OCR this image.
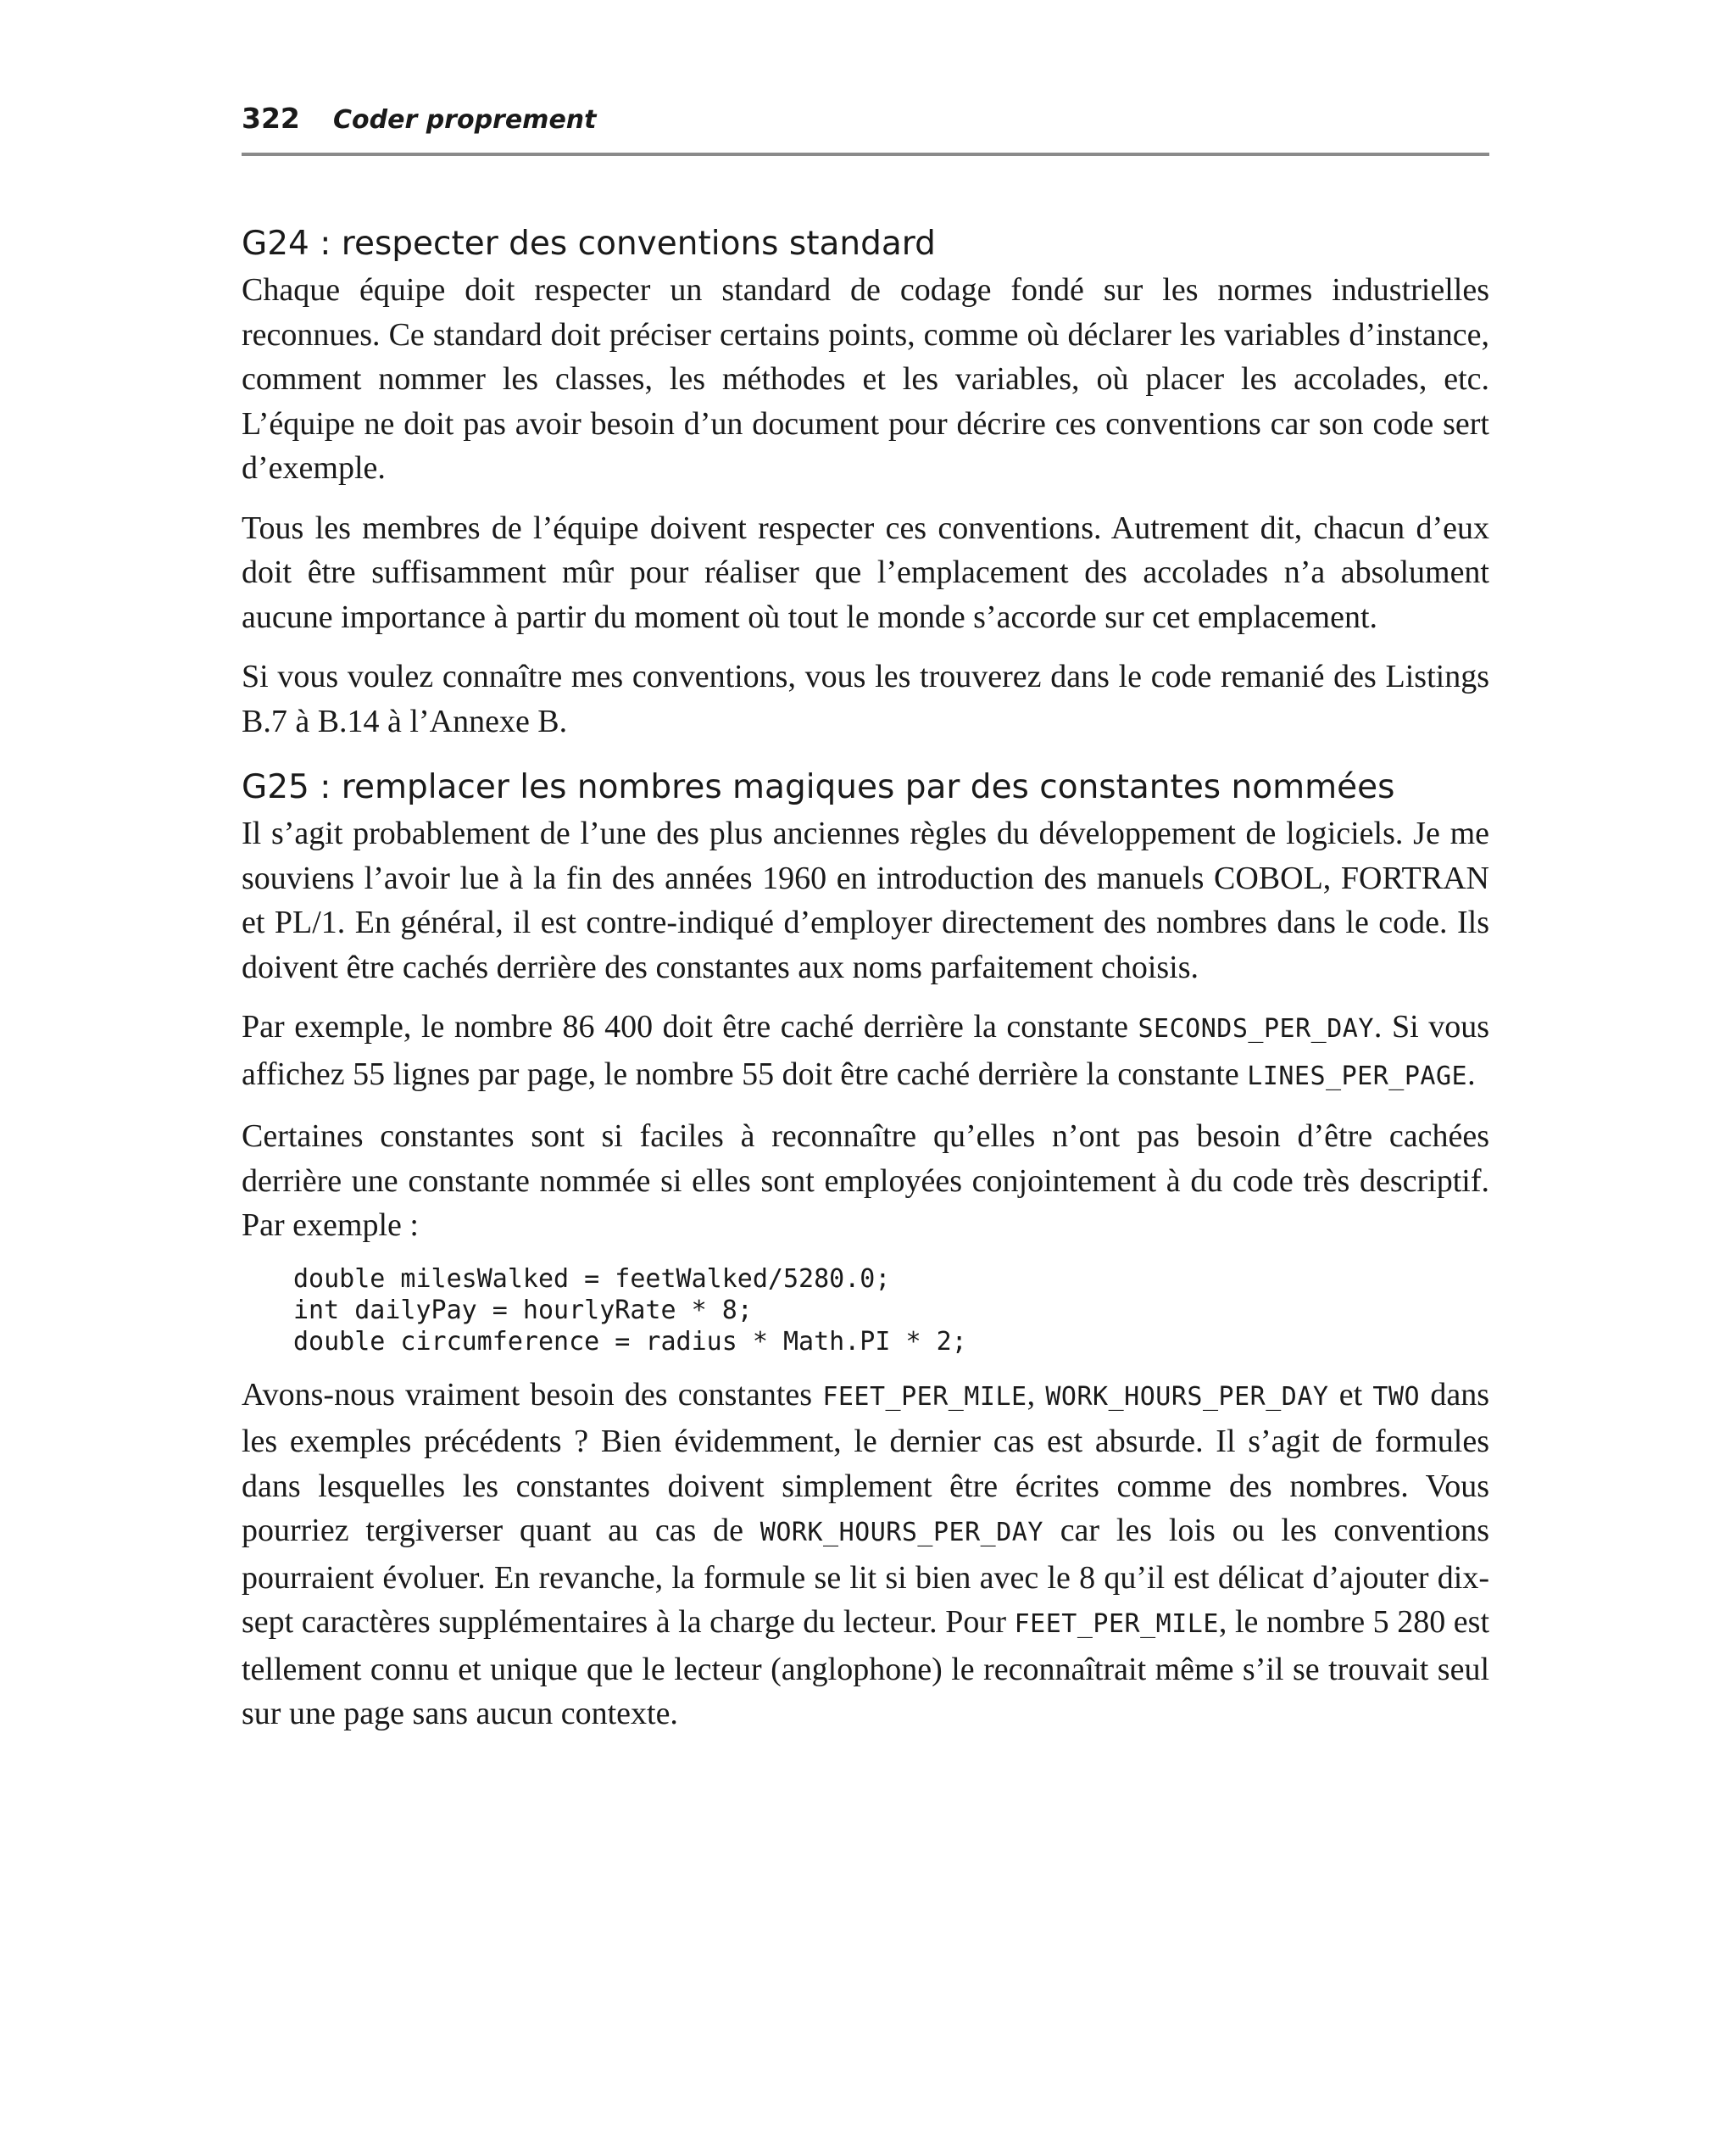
322 Coder proprement
G24 : respecter des conventions standard

Chaque équipe doit respecter un standard de codage fondé sur les normes industrielles reconnues. Ce standard doit préciser certains points, comme où déclarer les variables d’instance, comment nommer les classes, les méthodes et les variables, où placer les accolades, etc. L’équipe ne doit pas avoir besoin d’un document pour décrire ces conventions car son code sert d’exemple.

Tous les membres de l’équipe doivent respecter ces conventions. Autrement dit, chacun d’eux doit être suffisamment mûr pour réaliser que l’emplacement des accolades n’a absolument aucune importance à partir du moment où tout le monde s’accorde sur cet emplacement.

Si vous voulez connaître mes conventions, vous les trouverez dans le code remanié des Listings B.7 à B.14 à l’Annexe B.

G25 : remplacer les nombres magiques par des constantes nommées

Il s’agit probablement de l’une des plus anciennes règles du développement de logiciels. Je me souviens l’avoir lue à la fin des années 1960 en introduction des manuels COBOL, FORTRAN et PL/1. En général, il est contre-indiqué d’employer directement des nombres dans le code. Ils doivent être cachés derrière des constantes aux noms parfaitement choisis.

Par exemple, le nombre 86 400 doit être caché derrière la constante SECONDS_PER_DAY. Si vous affichez 55 lignes par page, le nombre 55 doit être caché derrière la constante LINES_PER_PAGE.

Certaines constantes sont si faciles à reconnaître qu’elles n’ont pas besoin d’être cachées derrière une constante nommée si elles sont employées conjointement à du code très descriptif. Par exemple :

double milesWalked = feetWalked/5280.0;
int dailyPay = hourlyRate * 8;
double circumference = radius * Math.PI * 2;

Avons-nous vraiment besoin des constantes FEET_PER_MILE, WORK_HOURS_PER_DAY et TWO dans les exemples précédents ? Bien évidemment, le dernier cas est absurde. Il s’agit de formules dans lesquelles les constantes doivent simplement être écrites comme des nombres. Vous pourriez tergiverser quant au cas de WORK_HOURS_PER_DAY car les lois ou les conventions pourraient évoluer. En revanche, la formule se lit si bien avec le 8 qu’il est délicat d’ajouter dix-sept caractères supplémentaires à la charge du lecteur. Pour FEET_PER_MILE, le nombre 5 280 est tellement connu et unique que le lecteur (anglophone) le reconnaîtrait même s’il se trouvait seul sur une page sans aucun contexte.
